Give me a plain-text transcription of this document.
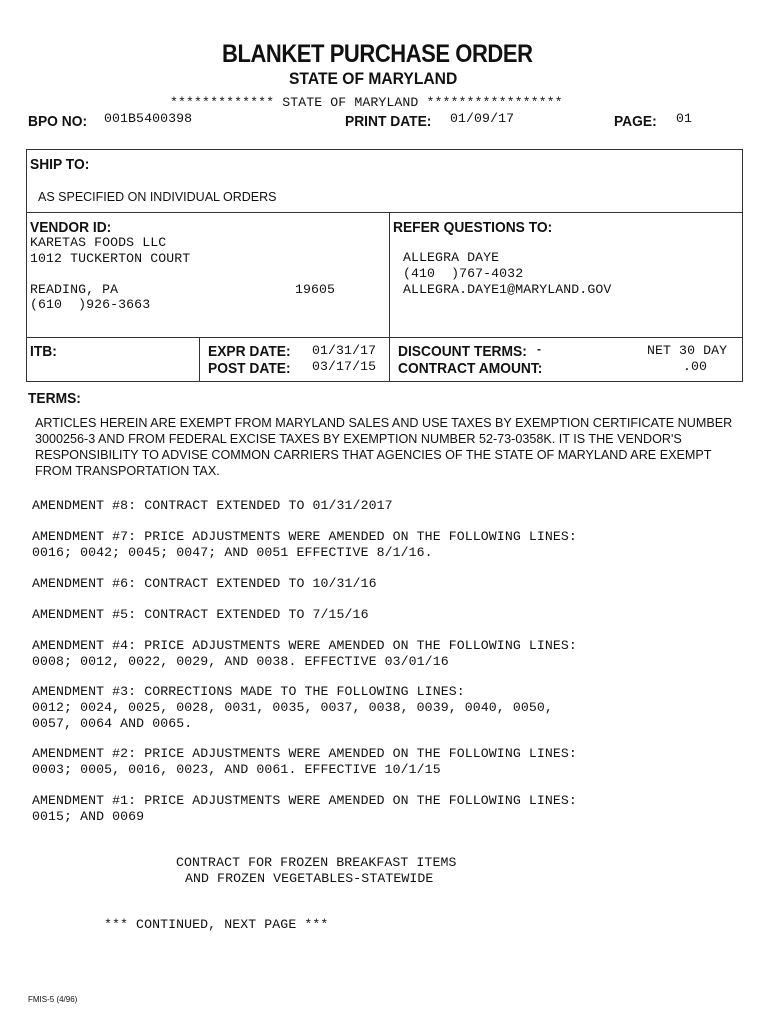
BLANKET PURCHASE ORDER
STATE OF MARYLAND
************* STATE OF MARYLAND *****************
BPO NO: 001B5400398	PRINT DATE: 01/09/17	PAGE: 01
SHIP TO:
AS SPECIFIED ON INDIVIDUAL ORDERS
VENDOR ID:
KARETAS FOODS LLC
1012 TUCKERTON COURT
READING, PA	19605
(610  )926-3663
REFER QUESTIONS TO:
ALLEGRA DAYE
(410  )767-4032
ALLEGRA.DAYE1@MARYLAND.GOV
ITB:	EXPR DATE: 01/31/17
POST DATE: 03/17/15
DISCOUNT TERMS: -	NET 30 DAY
CONTRACT AMOUNT:	.00
TERMS:
ARTICLES HEREIN ARE EXEMPT FROM MARYLAND SALES AND USE TAXES BY EXEMPTION CERTIFICATE NUMBER 3000256-3 AND FROM FEDERAL EXCISE TAXES BY EXEMPTION NUMBER 52-73-0358K. IT IS THE VENDOR'S RESPONSIBILITY TO ADVISE COMMON CARRIERS THAT AGENCIES OF THE STATE OF MARYLAND ARE EXEMPT FROM TRANSPORTATION TAX.
AMENDMENT #8: CONTRACT EXTENDED TO 01/31/2017
AMENDMENT #7: PRICE ADJUSTMENTS WERE AMENDED ON THE FOLLOWING LINES:
0016; 0042; 0045; 0047; AND 0051 EFFECTIVE 8/1/16.
AMENDMENT #6: CONTRACT EXTENDED TO 10/31/16
AMENDMENT #5: CONTRACT EXTENDED TO 7/15/16
AMENDMENT #4: PRICE ADJUSTMENTS WERE AMENDED ON THE FOLLOWING LINES:
0008; 0012, 0022, 0029, AND 0038. EFFECTIVE 03/01/16
AMENDMENT #3: CORRECTIONS MADE TO THE FOLLOWING LINES:
0012; 0024, 0025, 0028, 0031, 0035, 0037, 0038, 0039, 0040, 0050,
0057, 0064 AND 0065.
AMENDMENT #2: PRICE ADJUSTMENTS WERE AMENDED ON THE FOLLOWING LINES:
0003; 0005, 0016, 0023, AND 0061. EFFECTIVE 10/1/15
AMENDMENT #1: PRICE ADJUSTMENTS WERE AMENDED ON THE FOLLOWING LINES:
0015; AND 0069
CONTRACT FOR FROZEN BREAKFAST ITEMS
AND FROZEN VEGETABLES-STATEWIDE
*** CONTINUED, NEXT PAGE ***
FMIS-5 (4/96)
